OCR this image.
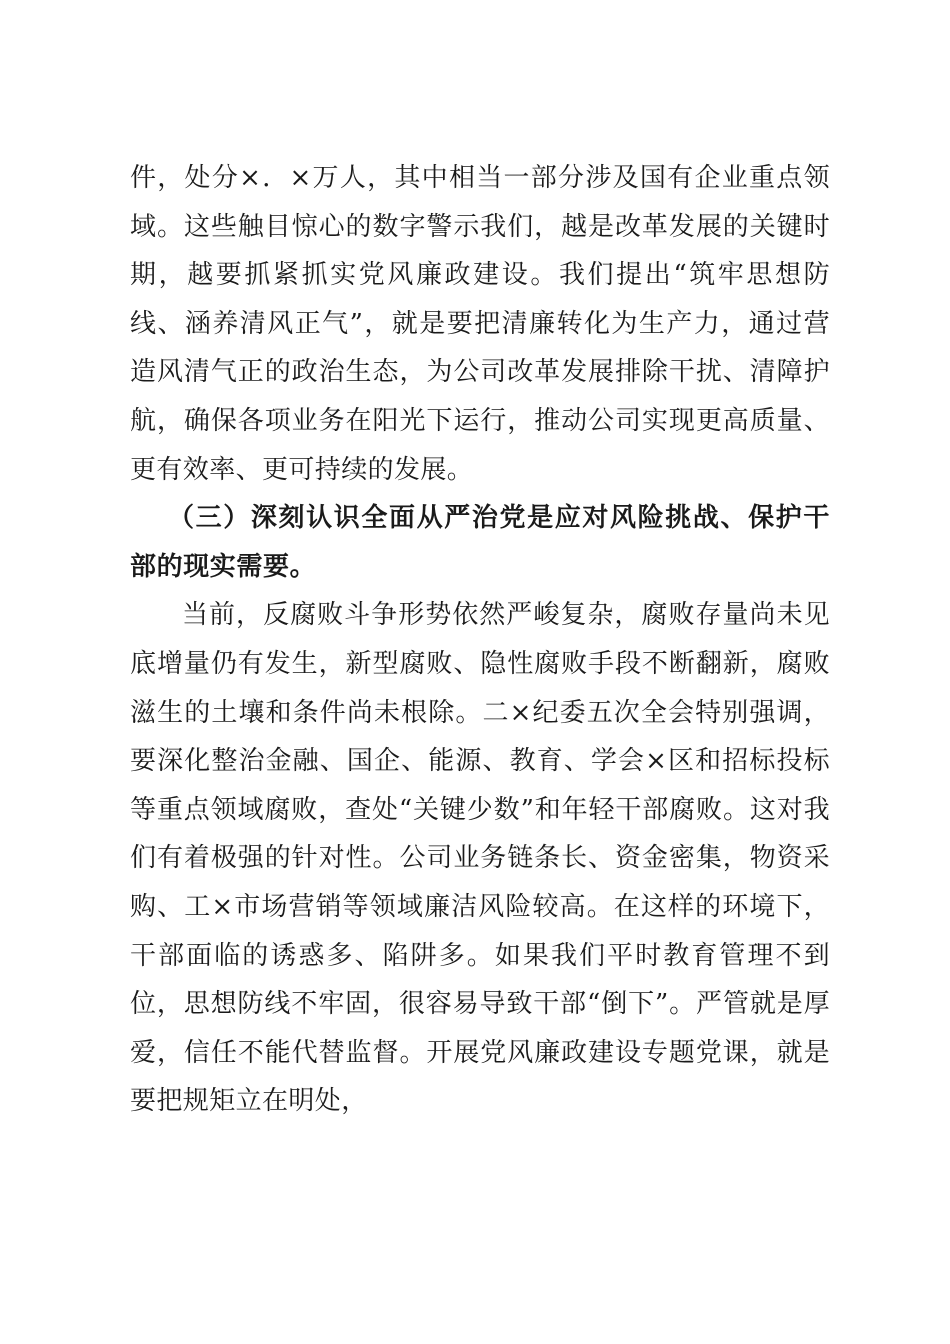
件，处分×．×万人，其中相当一部分涉及国有企业重点领域。这些触目惊心的数字警示我们，越是改革发展的关键时期，越要抓紧抓实党风廉政建设。我们提出“筑牢思想防线、涵养清风正气”，就是要把清廉转化为生产力，通过营造风清气正的政治生态，为公司改革发展排除干扰、清障护航，确保各项业务在阳光下运行，推动公司实现更高质量、更有效率、更可持续的发展。

（三）深刻认识全面从严治党是应对风险挑战、保护干部的现实需要。

当前，反腐败斗争形势依然严峻复杂，腐败存量尚未见底增量仍有发生，新型腐败、隐性腐败手段不断翻新，腐败滋生的土壤和条件尚未根除。二×纪委五次全会特别强调，要深化整治金融、国企、能源、教育、学会×区和招标投标等重点领域腐败，查处“关键少数”和年轻干部腐败。这对我们有着极强的针对性。公司业务链条长、资金密集，物资采购、工×市场营销等领域廉洁风险较高。在这样的环境下，干部面临的诱惑多、陷阱多。如果我们平时教育管理不到位，思想防线不牢固，很容易导致干部“倒下”。严管就是厚爱，信任不能代替监督。开展党风廉政建设专题党课，就是要把规矩立在明处，
